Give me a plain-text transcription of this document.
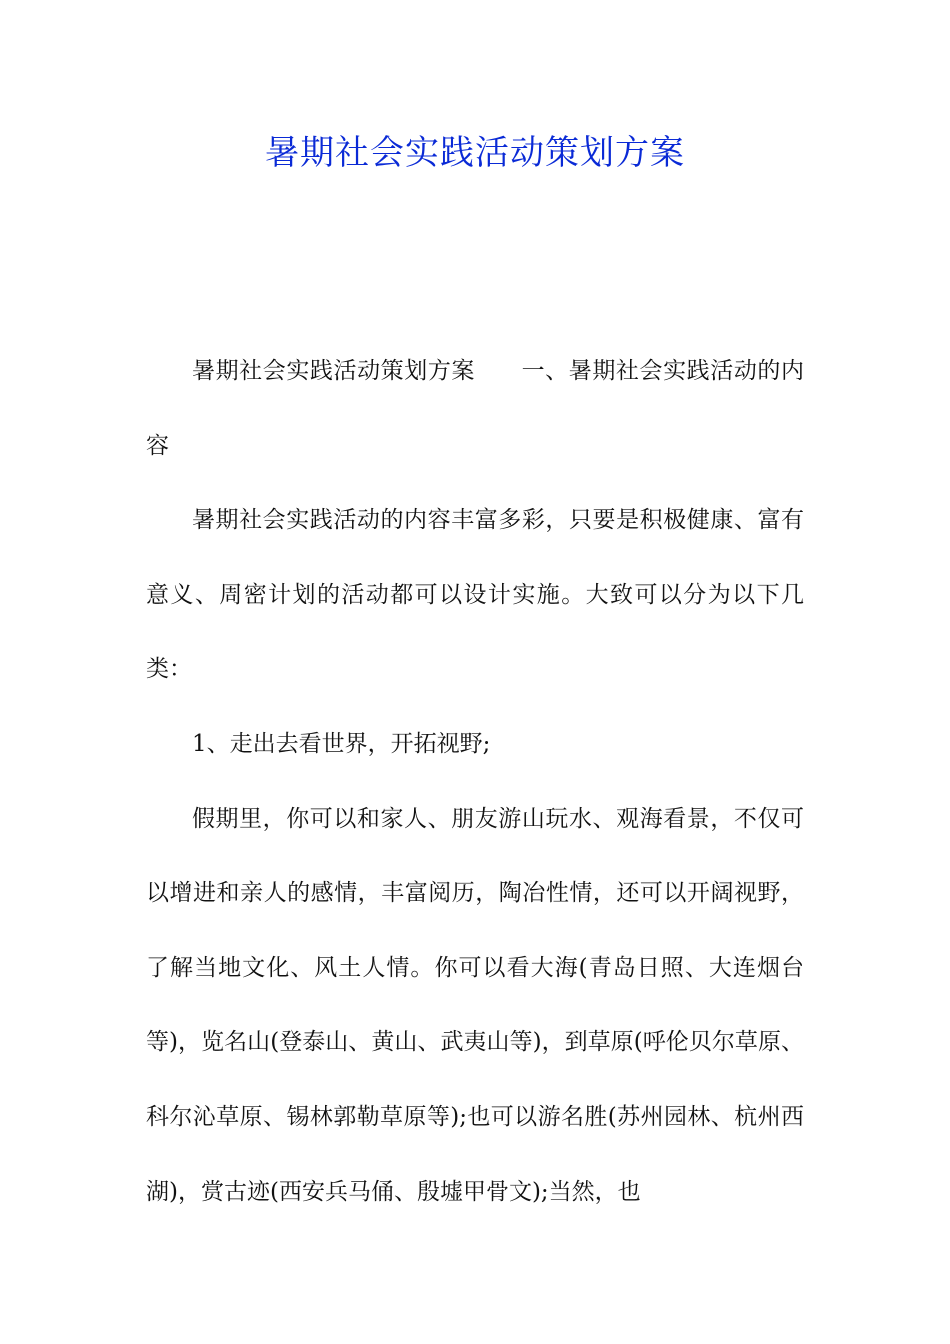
暑期社会实践活动策划方案

暑期社会实践活动策划方案 一、暑期社会实践活动的内容

暑期社会实践活动的内容丰富多彩，只要是积极健康、富有意义、周密计划的活动都可以设计实施。大致可以分为以下几类：

1、走出去看世界，开拓视野;

假期里，你可以和家人、朋友游山玩水、观海看景，不仅可以增进和亲人的感情，丰富阅历，陶冶性情，还可以开阔视野，了解当地文化、风土人情。你可以看大海(青岛日照、大连烟台等)，览名山(登泰山、黄山、武夷山等)，到草原(呼伦贝尔草原、科尔沁草原、锡林郭勒草原等);也可以游名胜(苏州园林、杭州西湖)，赏古迹(西安兵马俑、殷墟甲骨文);当然，也
